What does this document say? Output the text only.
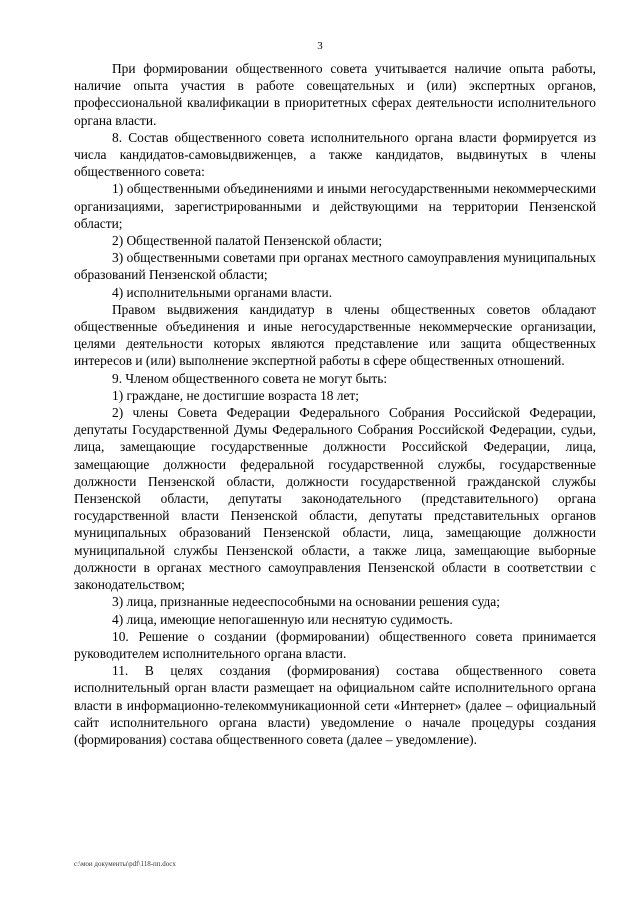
3

При формировании общественного совета учитывается наличие опыта работы, наличие опыта участия в работе совещательных и (или) экспертных органов, профессиональной квалификации в приоритетных сферах деятельности исполнительного органа власти.

8. Состав общественного совета исполнительного органа власти формируется из числа кандидатов-самовыдвиженцев, а также кандидатов, выдвинутых в члены общественного совета:

1) общественными объединениями и иными негосударственными некоммерческими организациями, зарегистрированными и действующими на территории Пензенской области;

2) Общественной палатой Пензенской области;

3) общественными советами при органах местного самоуправления муниципальных образований Пензенской области;

4) исполнительными органами власти.

Правом выдвижения кандидатур в члены общественных советов обладают общественные объединения и иные негосударственные некоммерческие организации, целями деятельности которых являются представление или защита общественных интересов и (или) выполнение экспертной работы в сфере общественных отношений.

9. Членом общественного совета не могут быть:

1) граждане, не достигшие возраста 18 лет;

2) члены Совета Федерации Федерального Собрания Российской Федерации, депутаты Государственной Думы Федерального Собрания Российской Федерации, судьи, лица, замещающие государственные должности Российской Федерации, лица, замещающие должности федеральной государственной службы, государственные должности Пензенской области, должности государственной гражданской службы Пензенской области, депутаты законодательного (представительного) органа государственной власти Пензенской области, депутаты представительных органов муниципальных образований Пензенской области, лица, замещающие должности муниципальной службы Пензенской области, а также лица, замещающие выборные должности в органах местного самоуправления Пензенской области в соответствии с законодательством;

3) лица, признанные недееспособными на основании решения суда;

4) лица, имеющие непогашенную или неснятую судимость.

10. Решение о создании (формировании) общественного совета принимается руководителем исполнительного органа власти.

11. В целях создания (формирования) состава общественного совета исполнительный орган власти размещает на официальном сайте исполнительного органа власти в информационно-телекоммуникационной сети «Интернет» (далее – официальный сайт исполнительного органа власти) уведомление о начале процедуры создания (формирования) состава общественного совета (далее – уведомление).

c:\мои документы\pdf\118-пп.docx
